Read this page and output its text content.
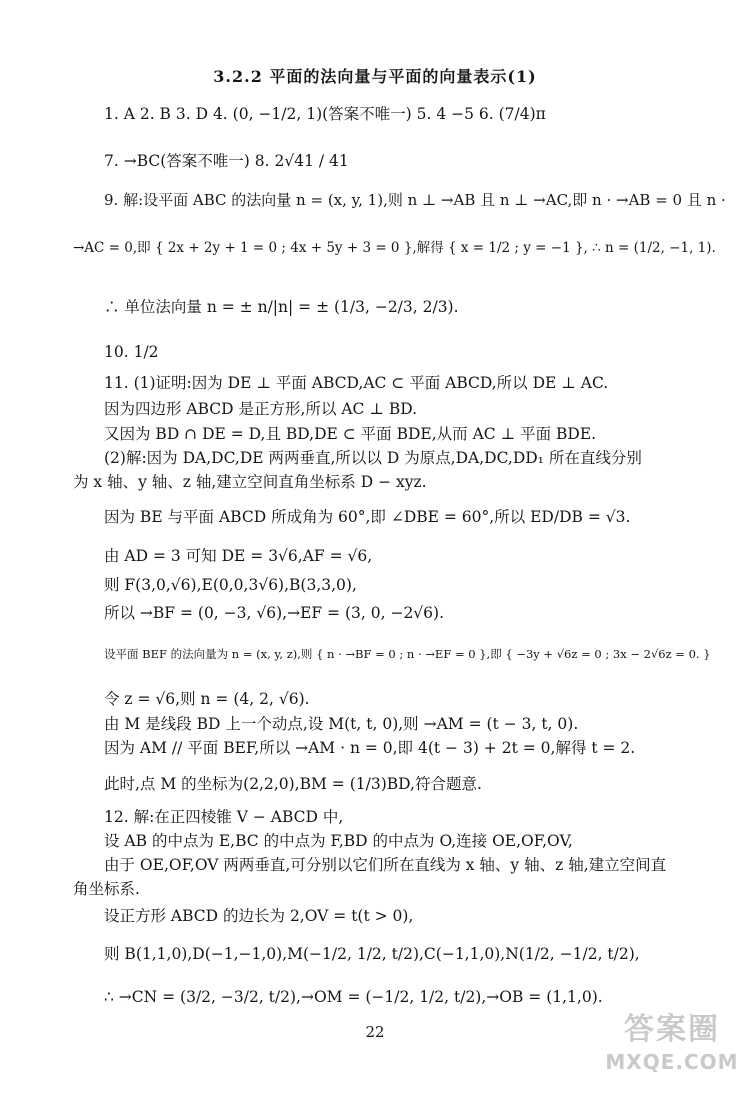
3.2.2 平面的法向量与平面的向量表示(1)
1. A 2. B 3. D 4. (0, −1/2, 1)(答案不唯一) 5. 4 −5 6. (7/4)π
7. →BC(答案不唯一) 8. 2√41 / 41
9. 解:设平面 ABC 的法向量 n = (x, y, 1),则 n ⊥ →AB 且 n ⊥ →AC,即 n · →AB = 0 且 n ·
→AC = 0,即 { 2x + 2y + 1 = 0 ; 4x + 5y + 3 = 0 },解得 { x = 1/2 ; y = −1 }, ∴ n = (1/2, −1, 1).
∴ 单位法向量 n = ± n/|n| = ± (1/3, −2/3, 2/3).
10. 1/2
11. (1)证明:因为 DE ⊥ 平面 ABCD,AC ⊂ 平面 ABCD,所以 DE ⊥ AC.
因为四边形 ABCD 是正方形,所以 AC ⊥ BD.
又因为 BD ∩ DE = D,且 BD,DE ⊂ 平面 BDE,从而 AC ⊥ 平面 BDE.
(2)解:因为 DA,DC,DE 两两垂直,所以以 D 为原点,DA,DC,DD₁ 所在直线分别
为 x 轴、y 轴、z 轴,建立空间直角坐标系 D − xyz.
因为 BE 与平面 ABCD 所成角为 60°,即 ∠DBE = 60°,所以 ED/DB = √3.
由 AD = 3 可知 DE = 3√6,AF = √6,
则 F(3,0,√6),E(0,0,3√6),B(3,3,0),
所以 →BF = (0, −3, √6),→EF = (3, 0, −2√6).
设平面 BEF 的法向量为 n = (x, y, z),则 { n · →BF = 0 ; n · →EF = 0 },即 { −3y + √6z = 0 ; 3x − 2√6z = 0. }
令 z = √6,则 n = (4, 2, √6).
由 M 是线段 BD 上一个动点,设 M(t, t, 0),则 →AM = (t − 3, t, 0).
因为 AM // 平面 BEF,所以 →AM · n = 0,即 4(t − 3) + 2t = 0,解得 t = 2.
此时,点 M 的坐标为(2,2,0),BM = (1/3)BD,符合题意.
12. 解:在正四棱锥 V − ABCD 中,
设 AB 的中点为 E,BC 的中点为 F,BD 的中点为 O,连接 OE,OF,OV,
由于 OE,OF,OV 两两垂直,可分别以它们所在直线为 x 轴、y 轴、z 轴,建立空间直
角坐标系.
设正方形 ABCD 的边长为 2,OV = t(t > 0),
则 B(1,1,0),D(−1,−1,0),M(−1/2, 1/2, t/2),C(−1,1,0),N(1/2, −1/2, t/2),
∴ →CN = (3/2, −3/2, t/2),→OM = (−1/2, 1/2, t/2),→OB = (1,1,0).
22	答案圈
MXQE.COM
